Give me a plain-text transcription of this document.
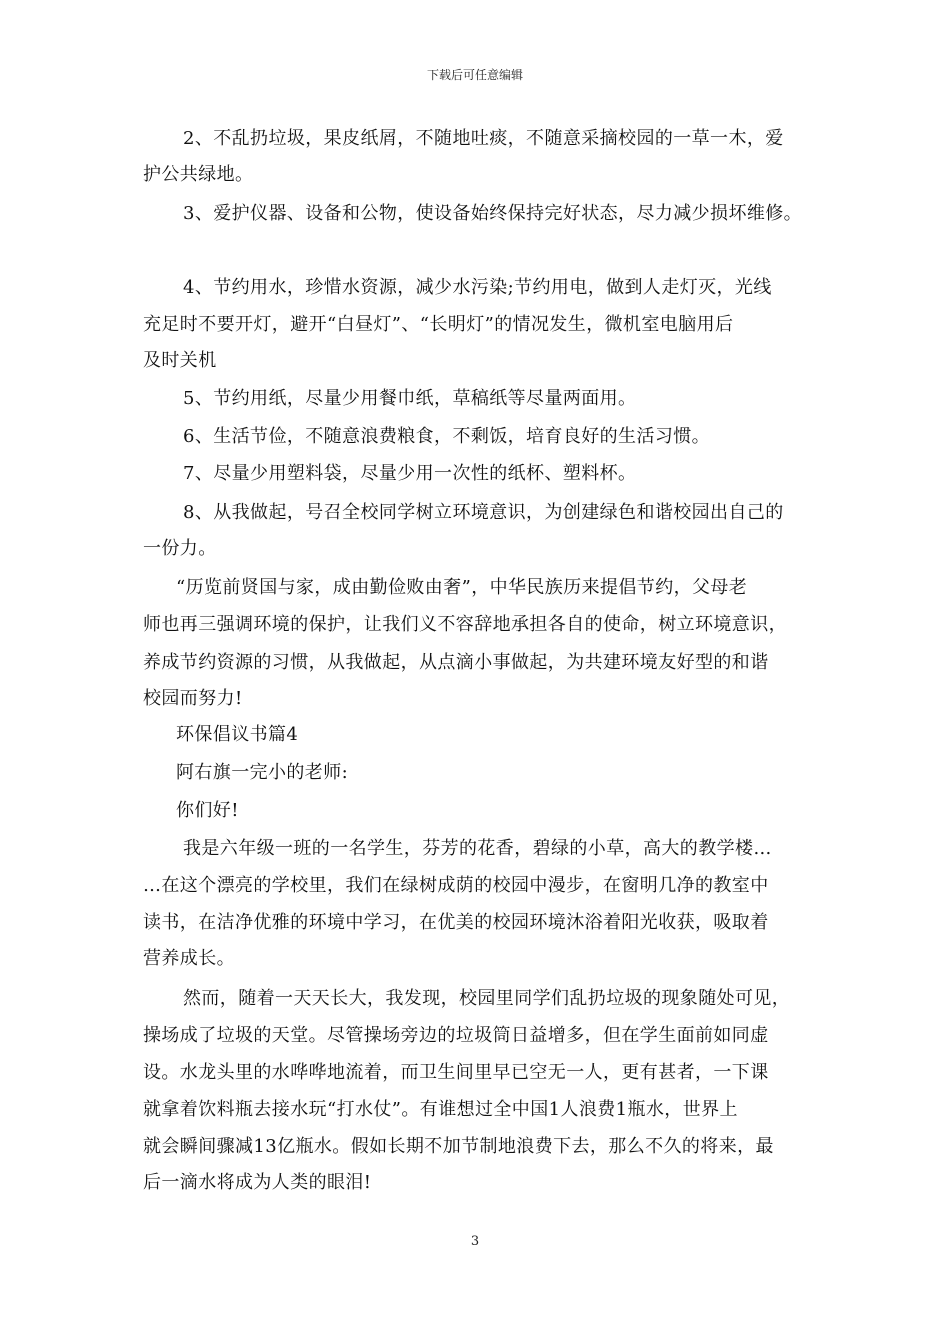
下载后可任意编辑
2、不乱扔垃圾，果皮纸屑，不随地吐痰，不随意采摘校园的一草一木，爱
护公共绿地。
3、爱护仪器、设备和公物，使设备始终保持完好状态，尽力减少损坏维修。
4、节约用水，珍惜水资源，减少水污染;节约用电，做到人走灯灭，光线
充足时不要开灯，避开“白昼灯”、“长明灯”的情况发生，微机室电脑用后
及时关机
5、节约用纸，尽量少用餐巾纸，草稿纸等尽量两面用。
6、生活节俭，不随意浪费粮食，不剩饭，培育良好的生活习惯。
7、尽量少用塑料袋，尽量少用一次性的纸杯、塑料杯。
8、从我做起，号召全校同学树立环境意识，为创建绿色和谐校园出自己的
一份力。
“历览前贤国与家，成由勤俭败由奢”，中华民族历来提倡节约，父母老
师也再三强调环境的保护，让我们义不容辞地承担各自的使命，树立环境意识，
养成节约资源的习惯，从我做起，从点滴小事做起，为共建环境友好型的和谐
校园而努力!
环保倡议书篇4
阿右旗一完小的老师:
你们好!
我是六年级一班的一名学生，芬芳的花香，碧绿的小草，高大的教学楼…
…在这个漂亮的学校里，我们在绿树成荫的校园中漫步，在窗明几净的教室中
读书，在洁净优雅的环境中学习，在优美的校园环境沐浴着阳光收获，吸取着
营养成长。
然而，随着一天天长大，我发现，校园里同学们乱扔垃圾的现象随处可见，
操场成了垃圾的天堂。尽管操场旁边的垃圾筒日益增多，但在学生面前如同虚
设。水龙头里的水哗哗地流着，而卫生间里早已空无一人，更有甚者，一下课
就拿着饮料瓶去接水玩“打水仗”。有谁想过全中国1人浪费1瓶水，世界上
就会瞬间骤减13亿瓶水。假如长期不加节制地浪费下去，那么不久的将来，最
后一滴水将成为人类的眼泪!
3
